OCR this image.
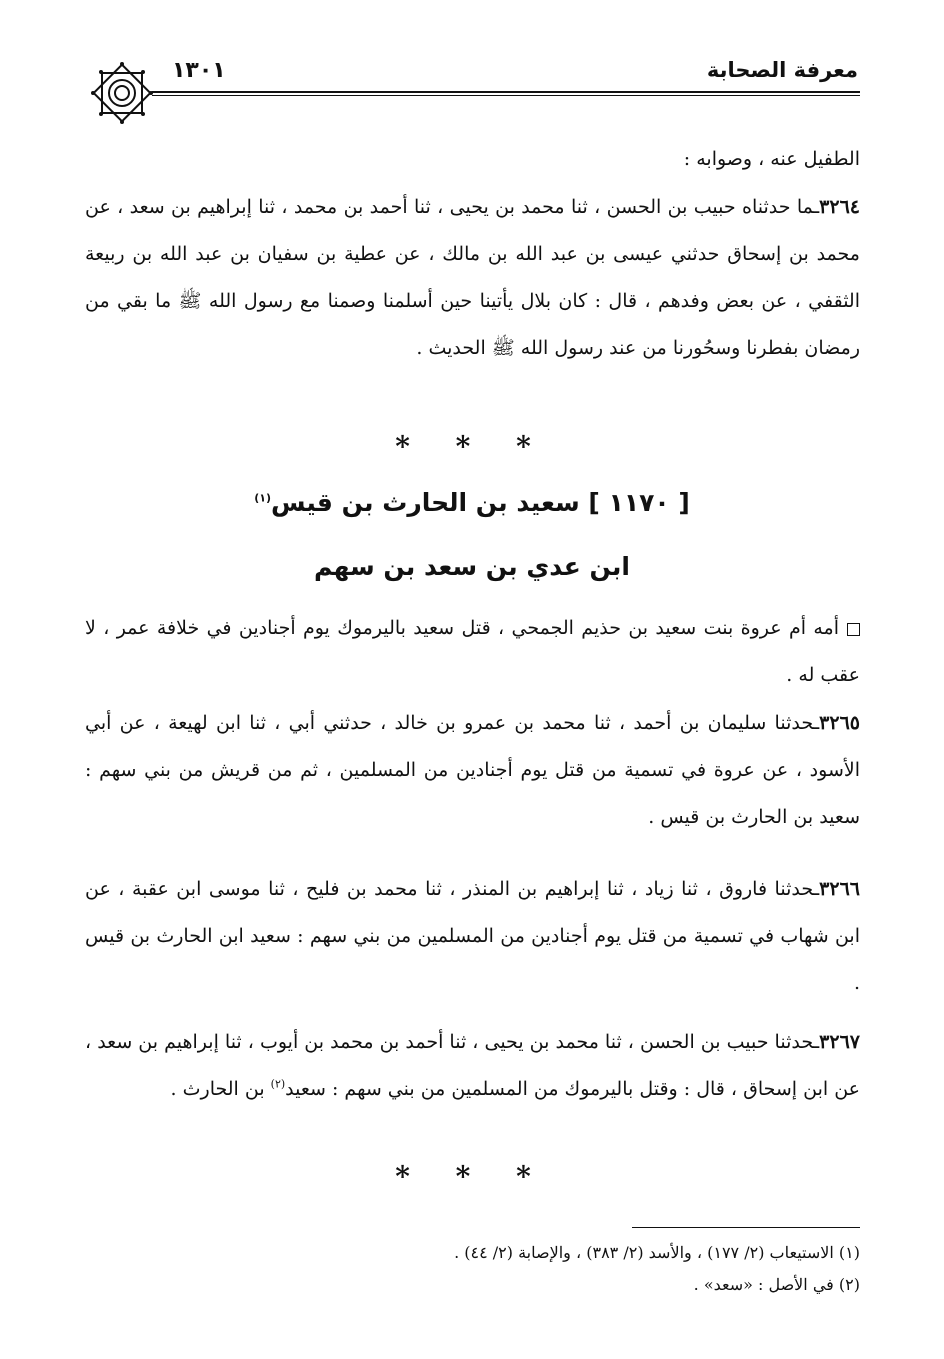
معرفة الصحابة
١٣٠١
الطفيل عنه ، وصوابه :
٣٢٦٤ـما حدثناه حبيب بن الحسن ، ثنا محمد بن يحيى ، ثنا أحمد بن محمد ، ثنا إبراهيم بن سعد ، عن محمد بن إسحاق حدثني عيسى بن عبد الله بن مالك ، عن عطية بن سفيان بن عبد الله بن ربيعة الثقفي ، عن بعض وفدهم ، قال : كان بلال يأتينا حين أسلمنا وصمنا مع رسول الله ﷺ ما بقي من رمضان بفطرنا وسحُورنا من عند رسول الله ﷺ الحديث .
* * *
[ ١١٧٠ ] سعيد بن الحارث بن قيس$^{(١)}$
ابن عدي بن سعد بن سهم
أمه أم عروة بنت سعيد بن حذيم الجمحي ، قتل سعيد باليرموك يوم أجنادين في خلافة عمر ، لا عقب له .
٣٢٦٥ـحدثنا سليمان بن أحمد ، ثنا محمد بن عمرو بن خالد ، حدثني أبي ، ثنا ابن لهيعة ، عن أبي الأسود ، عن عروة في تسمية من قتل يوم أجنادين من المسلمين ، ثم من قريش من بني سهم : سعيد بن الحارث بن قيس .
٣٢٦٦ـحدثنا فاروق ، ثنا زياد ، ثنا إبراهيم بن المنذر ، ثنا محمد بن فليح ، ثنا موسى ابن عقبة ، عن ابن شهاب في تسمية من قتل يوم أجنادين من المسلمين من بني سهم : سعيد ابن الحارث بن قيس .
٣٢٦٧ـحدثنا حبيب بن الحسن ، ثنا محمد بن يحيى ، ثنا أحمد بن محمد بن أيوب ، ثنا إبراهيم بن سعد ، عن ابن إسحاق ، قال : وقتل باليرموك من المسلمين من بني سهم : سعيد$^{(٢)}$ بن الحارث .
* * *
(١) الاستيعاب (٢/ ١٧٧) ، والأسد (٢/ ٣٨٣) ، والإصابة (٢/ ٤٤) .
(٢) في الأصل : «سعد» .
